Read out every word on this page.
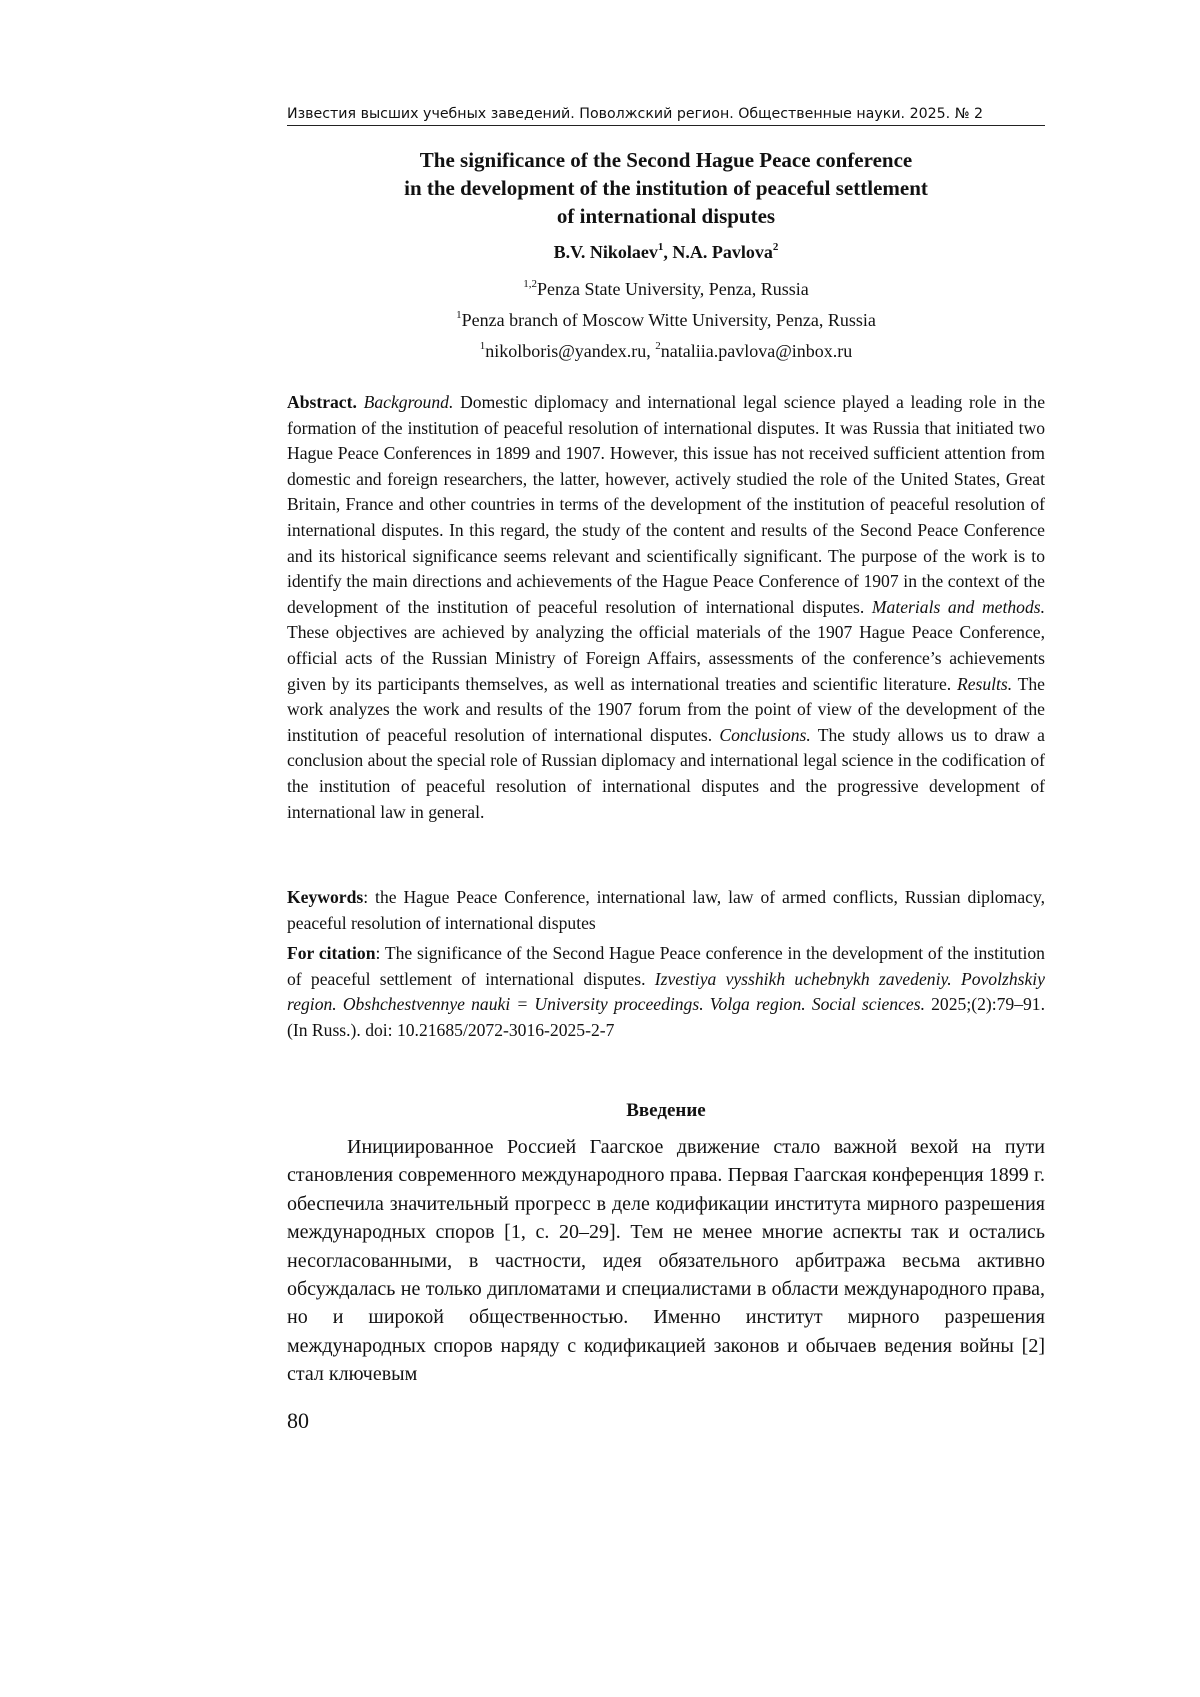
Известия высших учебных заведений. Поволжский регион. Общественные науки. 2025. № 2
The significance of the Second Hague Peace conference
in the development of the institution of peaceful settlement
of international disputes
B.V. Nikolaev$^1$, N.A. Pavlova$^2$
$^{1,2}$Penza State University, Penza, Russia
$^1$Penza branch of Moscow Witte University, Penza, Russia
$^1$nikolboris@yandex.ru, $^2$nataliia.pavlova@inbox.ru
Abstract. Background. Domestic diplomacy and international legal science played a leading role in the formation of the institution of peaceful resolution of international disputes. It was Russia that initiated two Hague Peace Conferences in 1899 and 1907. However, this issue has not received sufficient attention from domestic and foreign researchers, the latter, however, actively studied the role of the United States, Great Britain, France and other countries in terms of the development of the institution of peaceful resolution of international disputes. In this regard, the study of the content and results of the Second Peace Conference and its historical significance seems relevant and scientifically significant. The purpose of the work is to identify the main directions and achievements of the Hague Peace Conference of 1907 in the context of the development of the institution of peaceful resolution of international disputes. Materials and methods. These objectives are achieved by analyzing the official materials of the 1907 Hague Peace Conference, official acts of the Russian Ministry of Foreign Affairs, assessments of the conference’s achievements given by its participants themselves, as well as international treaties and scientific literature. Results. The work analyzes the work and results of the 1907 forum from the point of view of the development of the institution of peaceful resolution of international disputes. Conclusions. The study allows us to draw a conclusion about the special role of Russian diplomacy and international legal science in the codification of the institution of peaceful resolution of international disputes and the progressive development of international law in general.
Keywords: the Hague Peace Conference, international law, law of armed conflicts, Russian diplomacy, peaceful resolution of international disputes
For citation: The significance of the Second Hague Peace conference in the development of the institution of peaceful settlement of international disputes. Izvestiya vysshikh uchebnykh zavedeniy. Povolzhskiy region. Obshchestvennye nauki = University proceedings. Volga region. Social sciences. 2025;(2):79–91. (In Russ.). doi: 10.21685/2072-3016-2025-2-7
Введение
Инициированное Россией Гаагское движение стало важной вехой на пути становления современного международного права. Первая Гаагская конференция 1899 г. обеспечила значительный прогресс в деле кодификации института мирного разрешения международных споров [1, с. 20–29]. Тем не менее многие аспекты так и остались несогласованными, в частности, идея обязательного арбитража весьма активно обсуждалась не только дипломатами и специалистами в области международного права, но и широкой общественностью. Именно институт мирного разрешения международных споров наряду с кодификацией законов и обычаев ведения войны [2] стал ключевым
80
